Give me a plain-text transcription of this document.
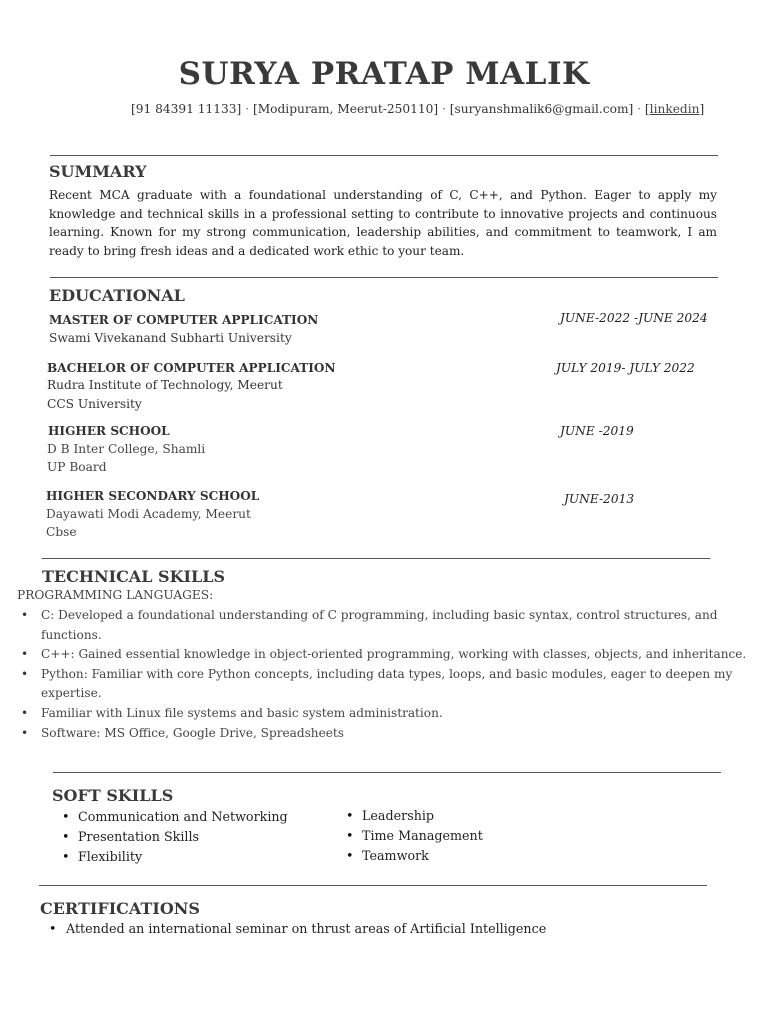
SURYA PRATAP MALIK
[91 84391 11133] · [Modipuram, Meerut-250110] · [suryanshmalik6@gmail.com] · [linkedin]
SUMMARY
Recent MCA graduate with a foundational understanding of C, C++, and Python. Eager to apply my knowledge and technical skills in a professional setting to contribute to innovative projects and continuous learning. Known for my strong communication, leadership abilities, and commitment to teamwork, I am ready to bring fresh ideas and a dedicated work ethic to your team.
EDUCATIONAL
MASTER OF COMPUTER APPLICATION
Swami Vivekanand Subharti University
JUNE-2022 -JUNE 2024
BACHELOR OF COMPUTER APPLICATION
Rudra Institute of Technology, Meerut
CCS University
JULY 2019- JULY 2022
HIGHER SCHOOL
D B Inter College, Shamli
UP Board
JUNE -2019
HIGHER SECONDARY SCHOOL
Dayawati Modi Academy, Meerut
Cbse
JUNE-2013
TECHNICAL SKILLS
PROGRAMMING LANGUAGES:
• C: Developed a foundational understanding of C programming, including basic syntax, control structures, and functions.
• C++: Gained essential knowledge in object-oriented programming, working with classes, objects, and inheritance.
• Python: Familiar with core Python concepts, including data types, loops, and basic modules, eager to deepen my expertise.
• Familiar with Linux file systems and basic system administration.
• Software: MS Office, Google Drive, Spreadsheets
SOFT SKILLS
• Communication and Networking
• Presentation Skills
• Flexibility
• Leadership
• Time Management
• Teamwork
CERTIFICATIONS
• Attended an international seminar on thrust areas of Artificial Intelligence
